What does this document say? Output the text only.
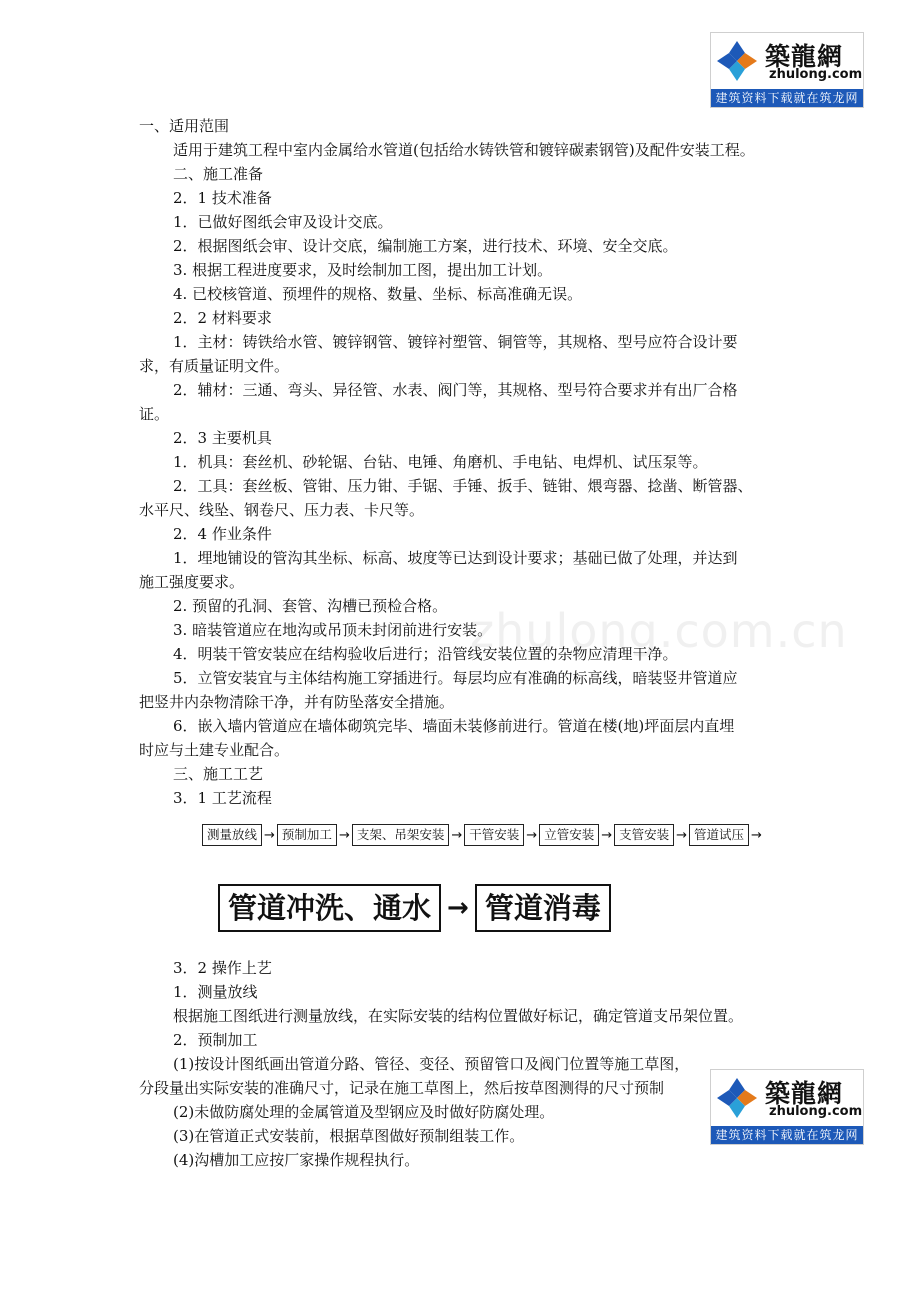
zhulong.com.cn
築龍網
zhulong.com
建筑资料下载就在筑龙网
一、适用范围
适用于建筑工程中室内金属给水管道(包括给水铸铁管和镀锌碳素钢管)及配件安装工程。
二、施工准备
2．1 技术准备
1．已做好图纸会审及设计交底。
2．根据图纸会审、设计交底，编制施工方案，进行技术、环境、安全交底。
3. 根据工程进度要求，及时绘制加工图，提出加工计划。
4. 已校核管道、预埋件的规格、数量、坐标、标高准确无误。
2．2 材料要求
1．主材：铸铁给水管、镀锌钢管、镀锌衬塑管、铜管等，其规格、型号应符合设计要
求，有质量证明文件。
2．辅材：三通、弯头、异径管、水表、阀门等，其规格、型号符合要求并有出厂合格
证。
2．3 主要机具
1．机具：套丝机、砂轮锯、台钻、电锤、角磨机、手电钻、电焊机、试压泵等。
2．工具：套丝板、管钳、压力钳、手锯、手锤、扳手、链钳、煨弯器、捻凿、断管器、
水平尺、线坠、钢卷尺、压力表、卡尺等。
2．4 作业条件
1．埋地铺设的管沟其坐标、标高、坡度等已达到设计要求；基础已做了处理，并达到
施工强度要求。
2. 预留的孔洞、套管、沟槽已预检合格。
3. 暗装管道应在地沟或吊顶未封闭前进行安装。
4．明装干管安装应在结构验收后进行；沿管线安装位置的杂物应清理干净。
5．立管安装宜与主体结构施工穿插进行。每层均应有准确的标高线，暗装竖井管道应
把竖井内杂物清除干净，并有防坠落安全措施。
6．嵌入墙内管道应在墙体砌筑完毕、墙面未装修前进行。管道在楼(地)坪面层内直埋
时应与土建专业配合。
三、施工工艺
3．1 工艺流程
测量放线 → 预制加工 → 支架、吊架安装 → 干管安装 → 立管安装 → 支管安装 → 管道试压 →
管道冲洗、通水 → 管道消毒
3．2 操作上艺
1．测量放线
根据施工图纸进行测量放线，在实际安装的结构位置做好标记，确定管道支吊架位置。
2．预制加工
(1)按设计图纸画出管道分路、管径、变径、预留管口及阀门位置等施工草图，
分段量出实际安装的准确尺寸，记录在施工草图上，然后按草图测得的尺寸预制
(2)未做防腐处理的金属管道及型钢应及时做好防腐处理。
(3)在管道正式安装前，根据草图做好预制组装工作。
(4)沟槽加工应按厂家操作规程执行。
築龍網
zhulong.com
建筑资料下载就在筑龙网
